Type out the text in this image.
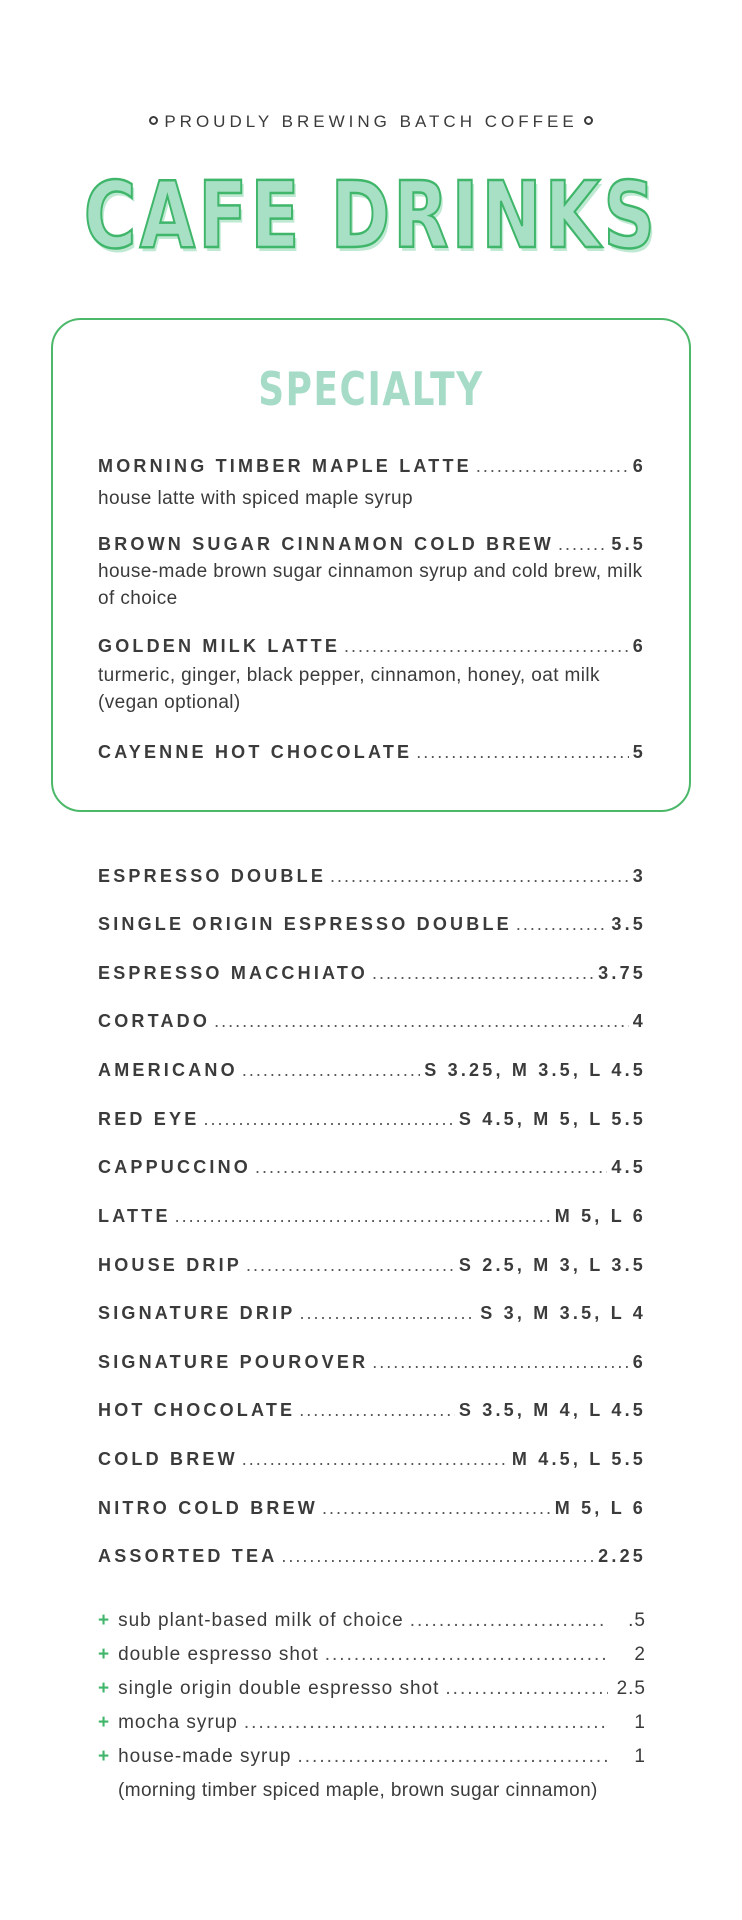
PROUDLY BREWING BATCH COFFEE
CAFE DRINKS
SPECIALTY
MORNING TIMBER MAPLE LATTE .....	6
house latte with spiced maple syrup
BROWN SUGAR CINNAMON COLD BREW .....	5.5
house-made brown sugar cinnamon syrup and cold brew, milk of choice
GOLDEN MILK LATTE .....	6
turmeric, ginger, black pepper, cinnamon, honey, oat milk (vegan optional)
CAYENNE HOT CHOCOLATE .....	5
ESPRESSO DOUBLE .....	3
SINGLE ORIGIN ESPRESSO DOUBLE .....	3.5
ESPRESSO MACCHIATO .....	3.75
CORTADO .....	4
AMERICANO .....	S 3.25, M 3.5, L 4.5
RED EYE .....	S 4.5, M 5, L 5.5
CAPPUCCINO .....	4.5
LATTE .....	M 5, L 6
HOUSE DRIP .....	S 2.5, M 3, L 3.5
SIGNATURE DRIP .....	S 3, M 3.5, L 4
SIGNATURE POUROVER .....	6
HOT CHOCOLATE .....	S 3.5, M 4, L 4.5
COLD BREW .....	M 4.5, L 5.5
NITRO COLD BREW .....	M 5, L 6
ASSORTED TEA .....	2.25
+ sub plant-based milk of choice .....	.5
+ double espresso shot .....	2
+ single origin double espresso shot .....	2.5
+ mocha syrup .....	1
+ house-made syrup .....	1
(morning timber spiced maple, brown sugar cinnamon)
